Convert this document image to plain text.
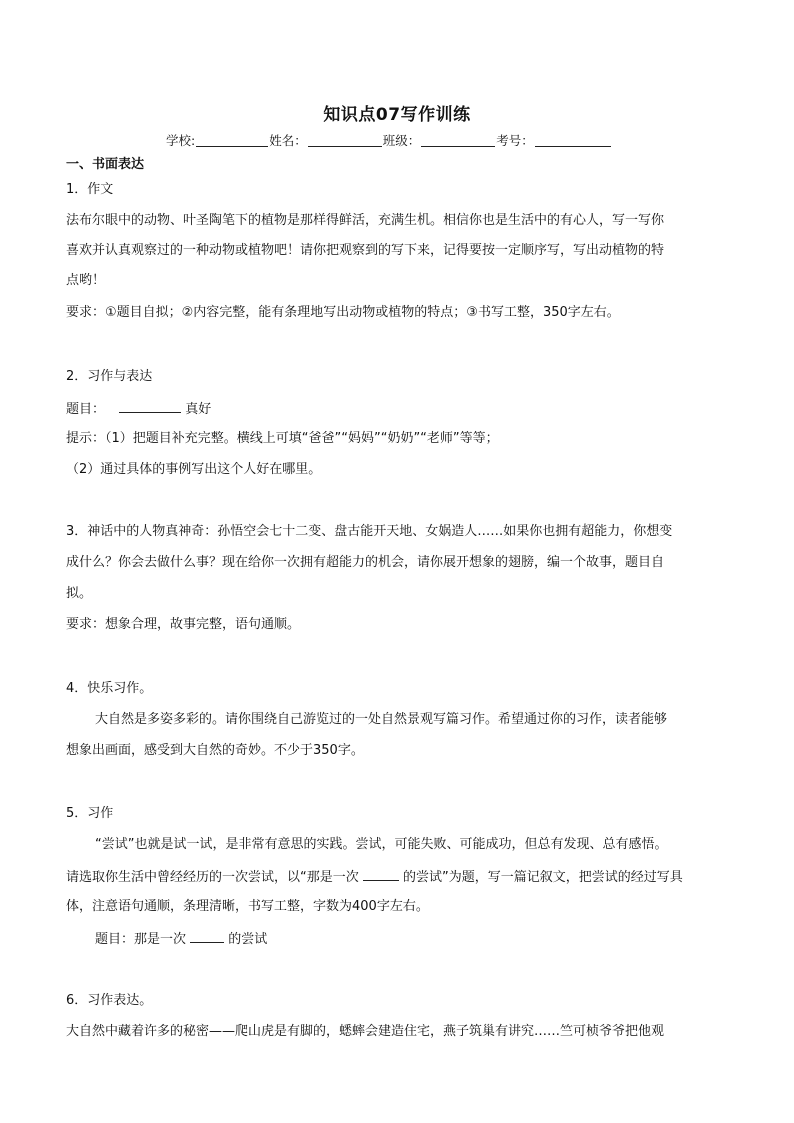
知识点07写作训练
学校:	姓名：	班级：	考号：
一、书面表达
1．作文
法布尔眼中的动物、叶圣陶笔下的植物是那样得鲜活，充满生机。相信你也是生活中的有心人，写一写你
喜欢并认真观察过的一种动物或植物吧！请你把观察到的写下来，记得要按一定顺序写，写出动植物的特
点哟！
要求：①题目自拟；②内容完整，能有条理地写出动物或植物的特点；③书写工整，350字左右。
2．习作与表达
题目：	真好
提示：（1）把题目补充完整。横线上可填“爸爸”“妈妈”“奶奶”“老师”等等；
（2）通过具体的事例写出这个人好在哪里。
3．神话中的人物真神奇：孙悟空会七十二变、盘古能开天地、女娲造人……如果你也拥有超能力，你想变
成什么？你会去做什么事？现在给你一次拥有超能力的机会，请你展开想象的翅膀，编一个故事，题目自
拟。
要求：想象合理，故事完整，语句通顺。
4．快乐习作。
大自然是多姿多彩的。请你围绕自己游览过的一处自然景观写篇习作。希望通过你的习作，读者能够
想象出画面，感受到大自然的奇妙。不少于350字。
5．习作
“尝试”也就是试一试，是非常有意思的实践。尝试，可能失败、可能成功，但总有发现、总有感悟。
请选取你生活中曾经经历的一次尝试，以“那是一次	的尝试”为题，写一篇记叙文，把尝试的经过写具
体，注意语句通顺，条理清晰，书写工整，字数为400字左右。
题目：那是一次	的尝试
6．习作表达。
大自然中藏着许多的秘密——爬山虎是有脚的，蟋蟀会建造住宅，燕子筑巢有讲究……竺可桢爷爷把他观
